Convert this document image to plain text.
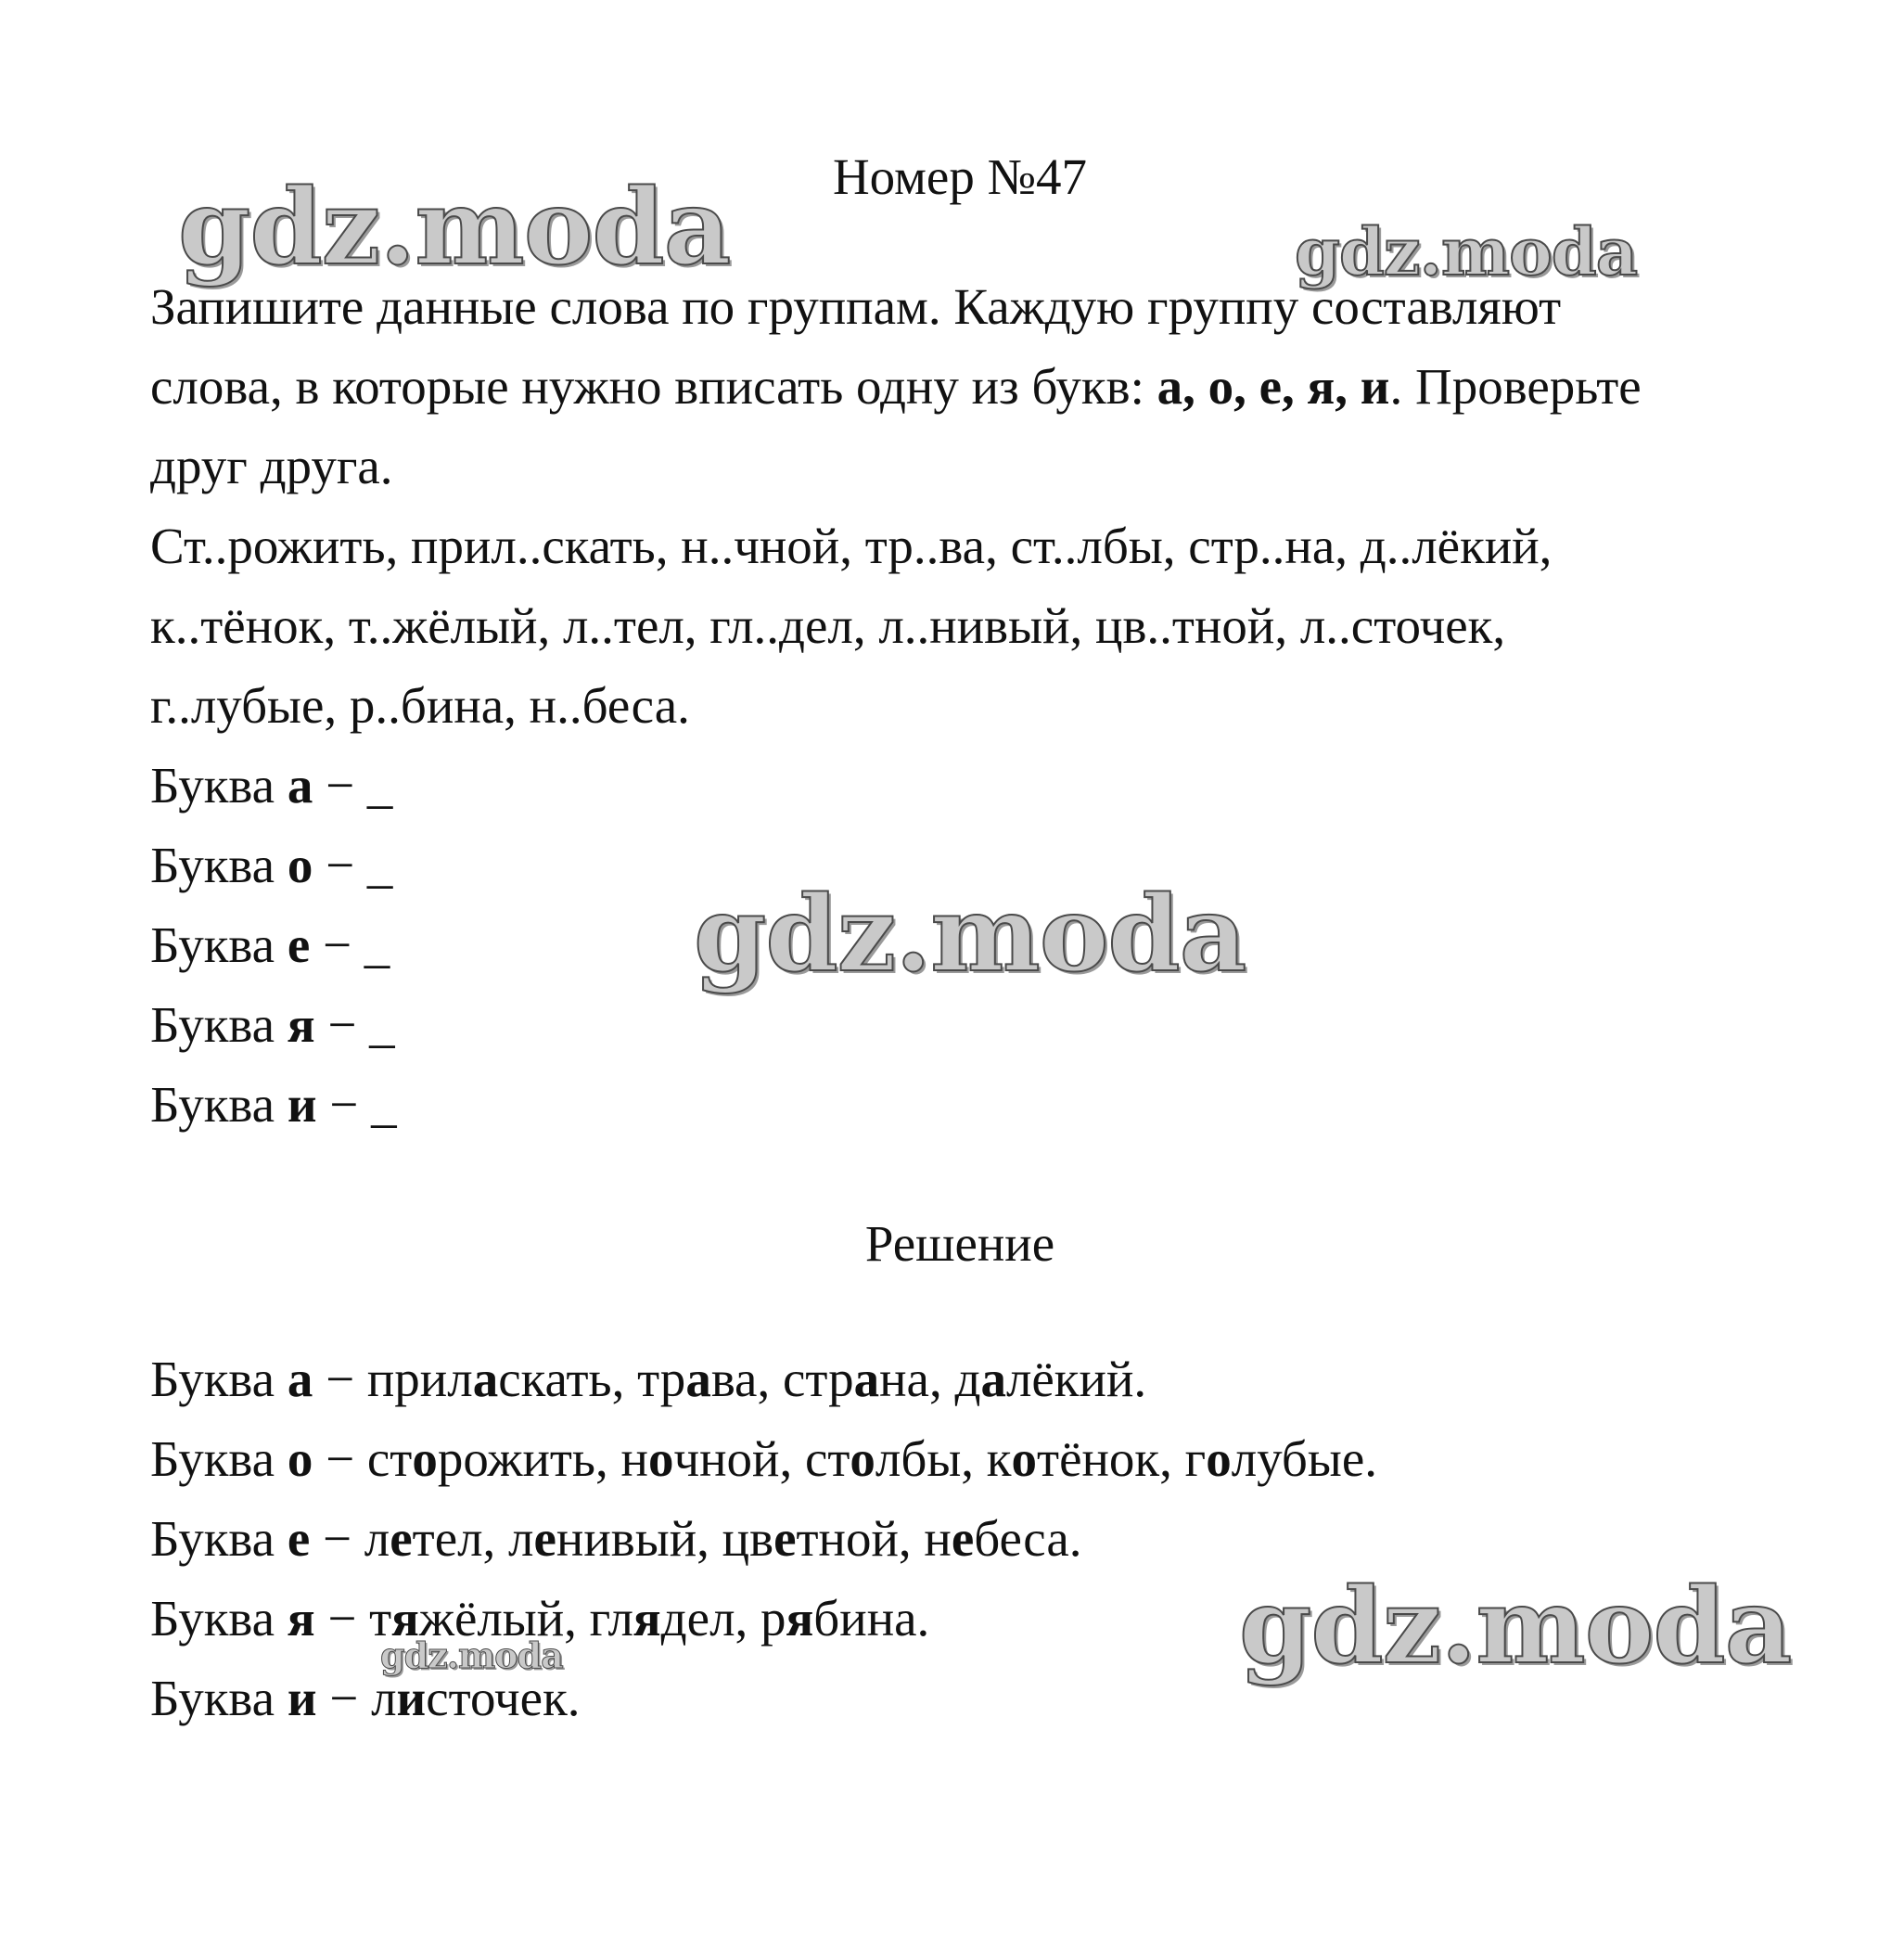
Номер №47
Запишите данные слова по группам. Каждую группу составляют
слова, в которые нужно вписать одну из букв: а, о, е, я, и. Проверьте
друг друга.
Ст..рожить, прил..скать, н..чной, тр..ва, ст..лбы, стр..на, д..лёкий,
к..тёнок, т..жёлый, л..тел, гл..дел, л..нивый, цв..тной, л..сточек,
г..лубые, р..бина, н..беса.
Буква а − _
Буква о − _
Буква е − _
Буква я − _
Буква и − _
Решение
Буква а − приласкать, трава, страна, далёкий.
Буква о − сторожить, ночной, столбы, котёнок, голубые.
Буква е − летел, ленивый, цветной, небеса.
Буква я − тяжёлый, глядел, рябина.
Буква и − листочек.
gdz.moda	gdz.moda
gdz.moda
gdz.moda
gdz.moda
